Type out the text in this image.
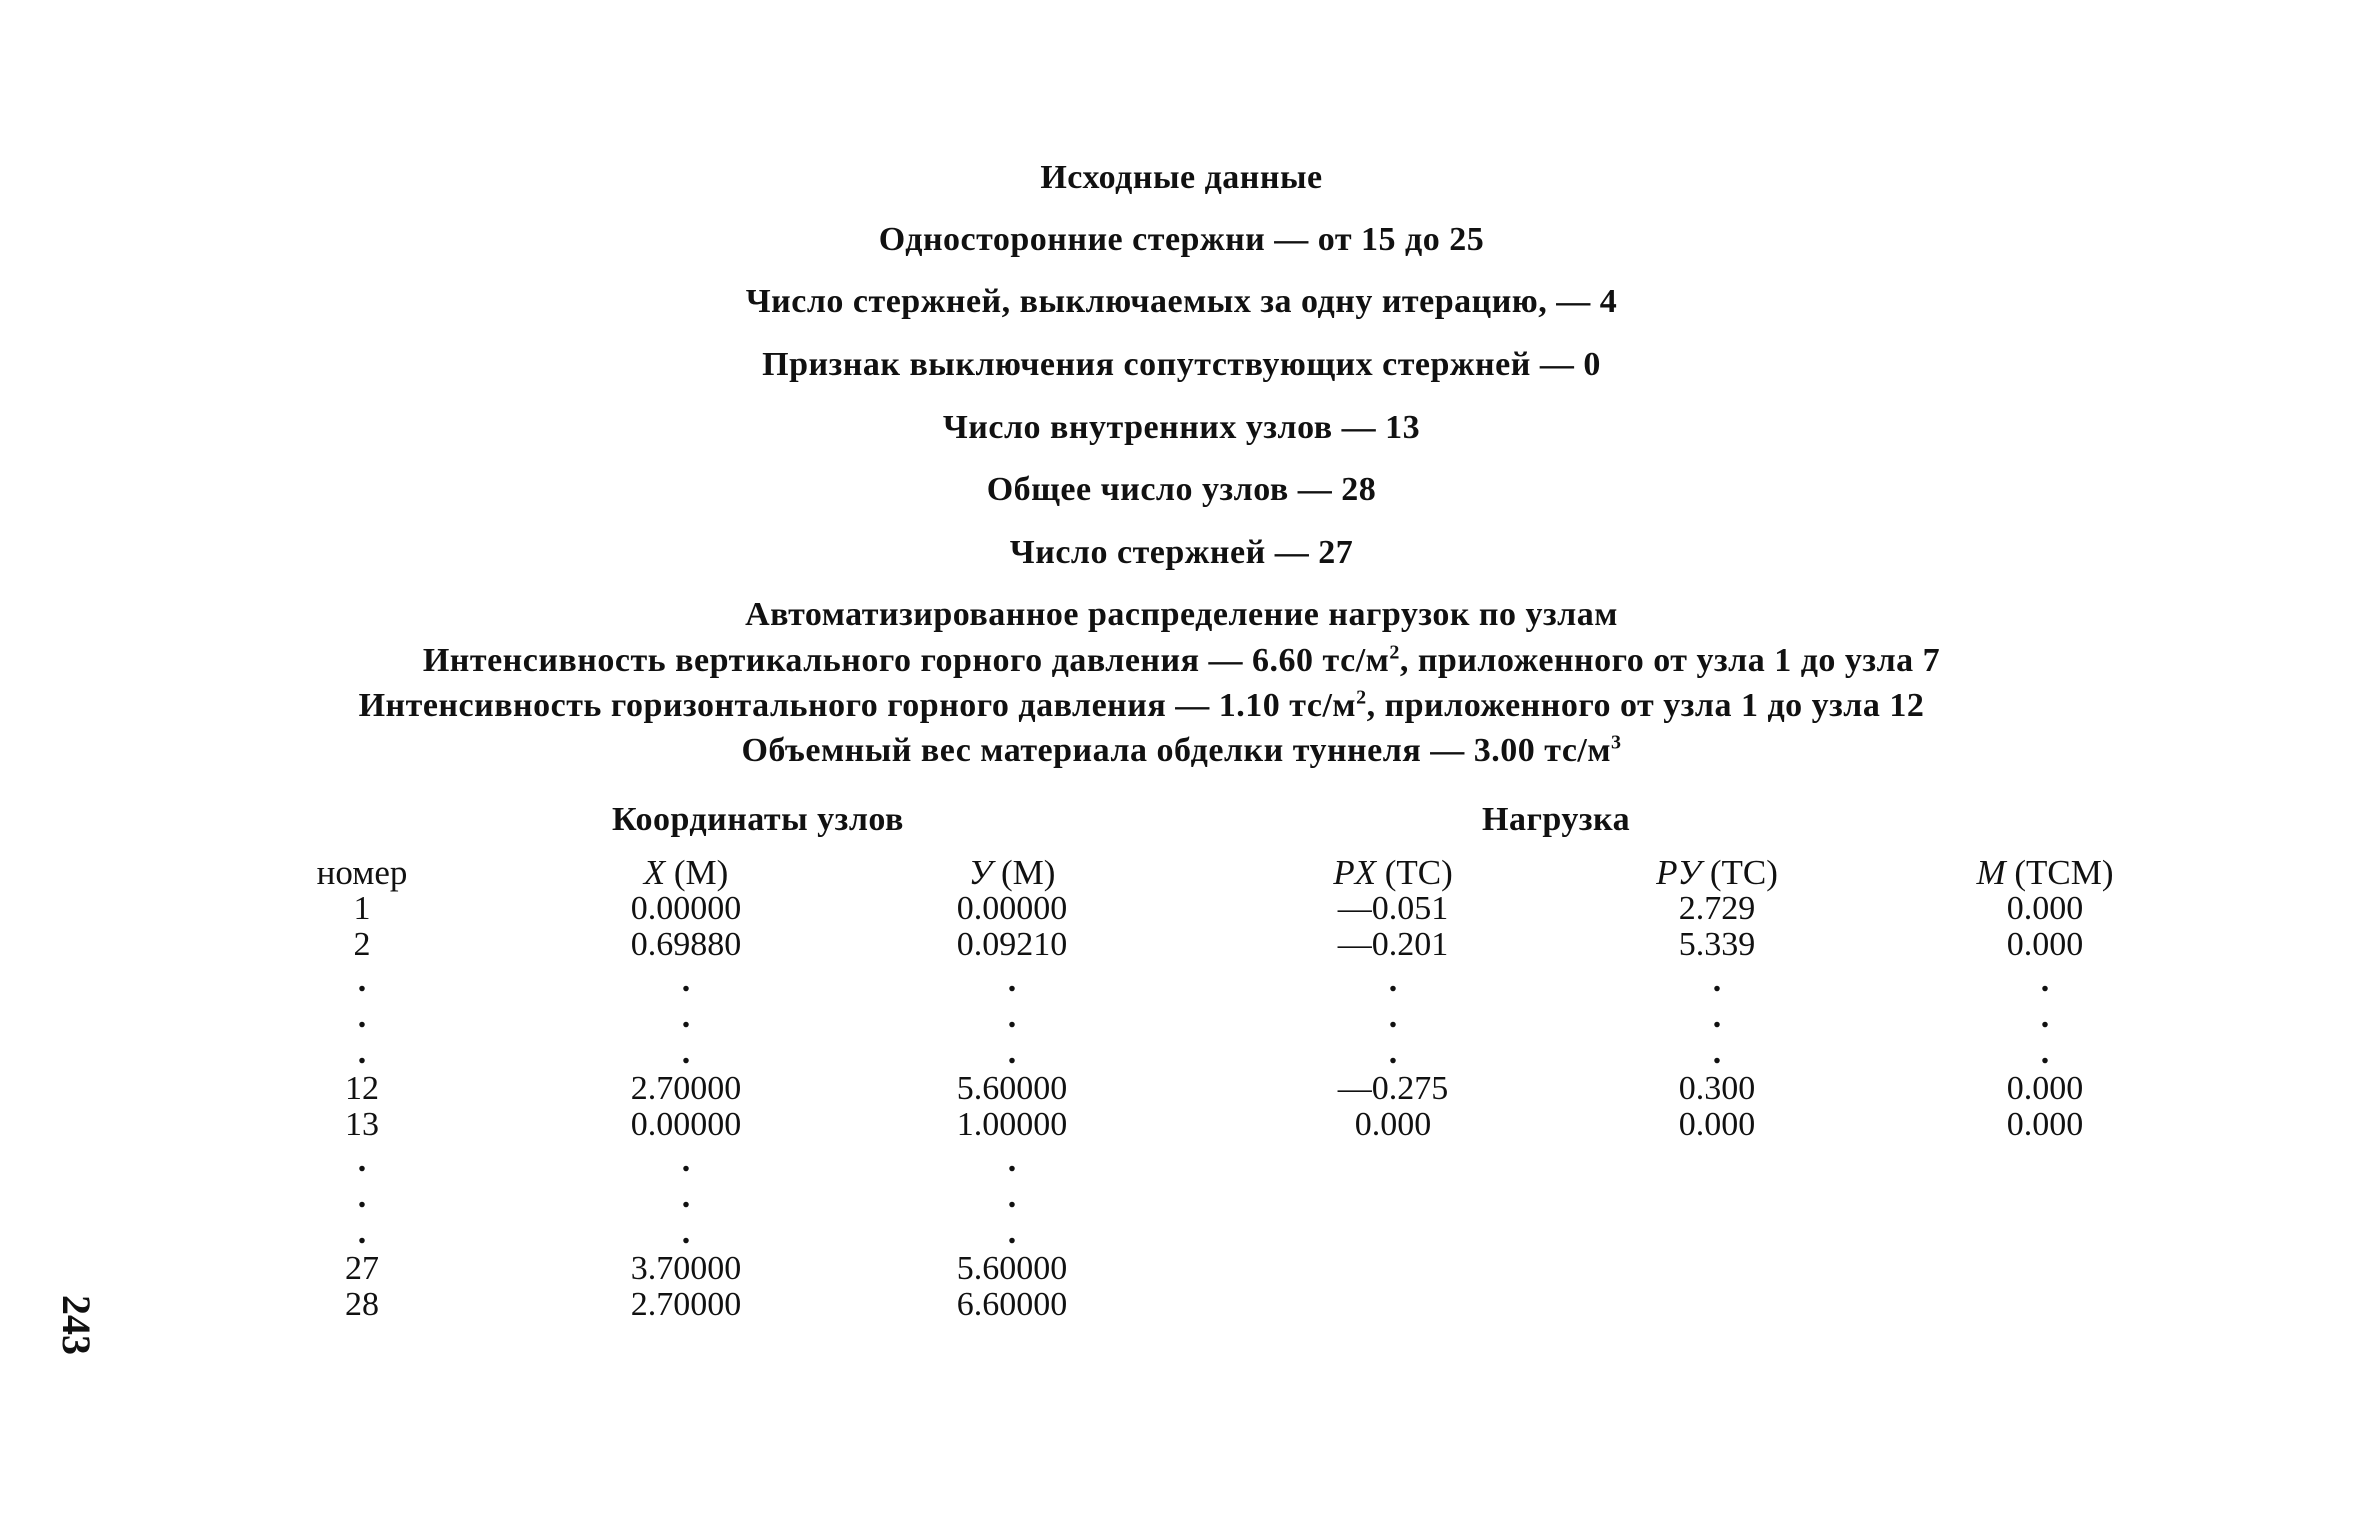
Исходные данные
Односторонние стержни — от 15 до 25
Число стержней, выключаемых за одну итерацию, — 4
Признак выключения сопутствующих стержней — 0
Число внутренних узлов — 13
Общее число узлов — 28
Число стержней — 27
Автоматизированное распределение нагрузок по узлам
Интенсивность вертикального горного давления — 6.60 $тс/м^2$, приложенного от узла 1 до узла 7
Интенсивность горизонтального горного давления — 1.10 $тс/м^2$, приложенного от узла 1 до узла 12
Объемный вес материала обделки туннеля — 3.00 $тс/м^3$
Координаты узлов	Нагрузка
номер
1
2
.
.
.
12
13
.
.
.
27
28
X (М)
0.00000
0.69880
.
.
.
2.70000
0.00000
.
.
.
3.70000
2.70000
У (М)
0.00000
0.09210
.
.
.
5.60000
1.00000
.
.
.
5.60000
6.60000
PX (ТС)
—0.051
—0.201
.
.
.
—0.275
0.000
PУ (ТС)
2.729
5.339
.
.
.
0.300
0.000
M (ТСМ)
0.000
0.000
.
.
.
0.000
0.000
243
